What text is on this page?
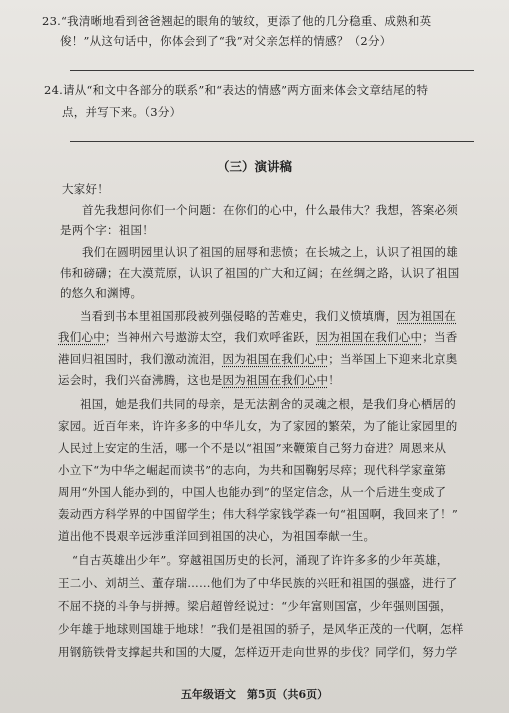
23.“我清晰地看到爸爸翘起的眼角的皱纹，更添了他的几分稳重、成熟和英
俊！”从这句话中，你体会到了“我”对父亲怎样的情感？（2分）
24.请从“和文中各部分的联系”和“表达的情感”两方面来体会文章结尾的特
点，并写下来。（3分）
（三）演讲稿
大家好！
首先我想问你们一个问题：在你们的心中，什么最伟大？我想，答案必须
是两个字：祖国！
我们在圆明园里认识了祖国的屈辱和悲愤；在长城之上，认识了祖国的雄
伟和磅礴；在大漠荒原，认识了祖国的广大和辽阔；在丝绸之路，认识了祖国
的悠久和渊博。
当看到书本里祖国那段被列强侵略的苦难史，我们义愤填膺，因为祖国在
我们心中；当神州六号遨游太空，我们欢呼雀跃，因为祖国在我们心中；当香
港回归祖国时，我们激动流泪，因为祖国在我们心中；当举国上下迎来北京奥
运会时，我们兴奋沸腾，这也是因为祖国在我们心中！
祖国，她是我们共同的母亲，是无法割舍的灵魂之根，是我们身心栖居的
家园。近百年来，许许多多的中华儿女，为了家园的繁荣，为了能让家园里的
人民过上安定的生活，哪一个不是以“祖国”来鞭策自己努力奋进？周恩来从
小立下“为中华之崛起而读书”的志向，为共和国鞠躬尽瘁；现代科学家童第
周用“外国人能办到的，中国人也能办到”的坚定信念，从一个后进生变成了
轰动西方科学界的中国留学生；伟大科学家钱学森一句“祖国啊，我回来了！”
道出他不畏艰辛远涉重洋回到祖国的决心，为祖国奉献一生。
“自古英雄出少年”。穿越祖国历史的长河，涌现了许许多多的少年英雄，
王二小、刘胡兰、董存瑞……他们为了中华民族的兴旺和祖国的强盛，进行了
不屈不挠的斗争与拼搏。梁启超曾经说过：“少年富则国富，少年强则国强，
少年雄于地球则国雄于地球！”我们是祖国的骄子，是风华正茂的一代啊，怎样
用钢筋铁骨支撑起共和国的大厦，怎样迈开走向世界的步伐？同学们，努力学
五年级语文　第5页（共6页）
